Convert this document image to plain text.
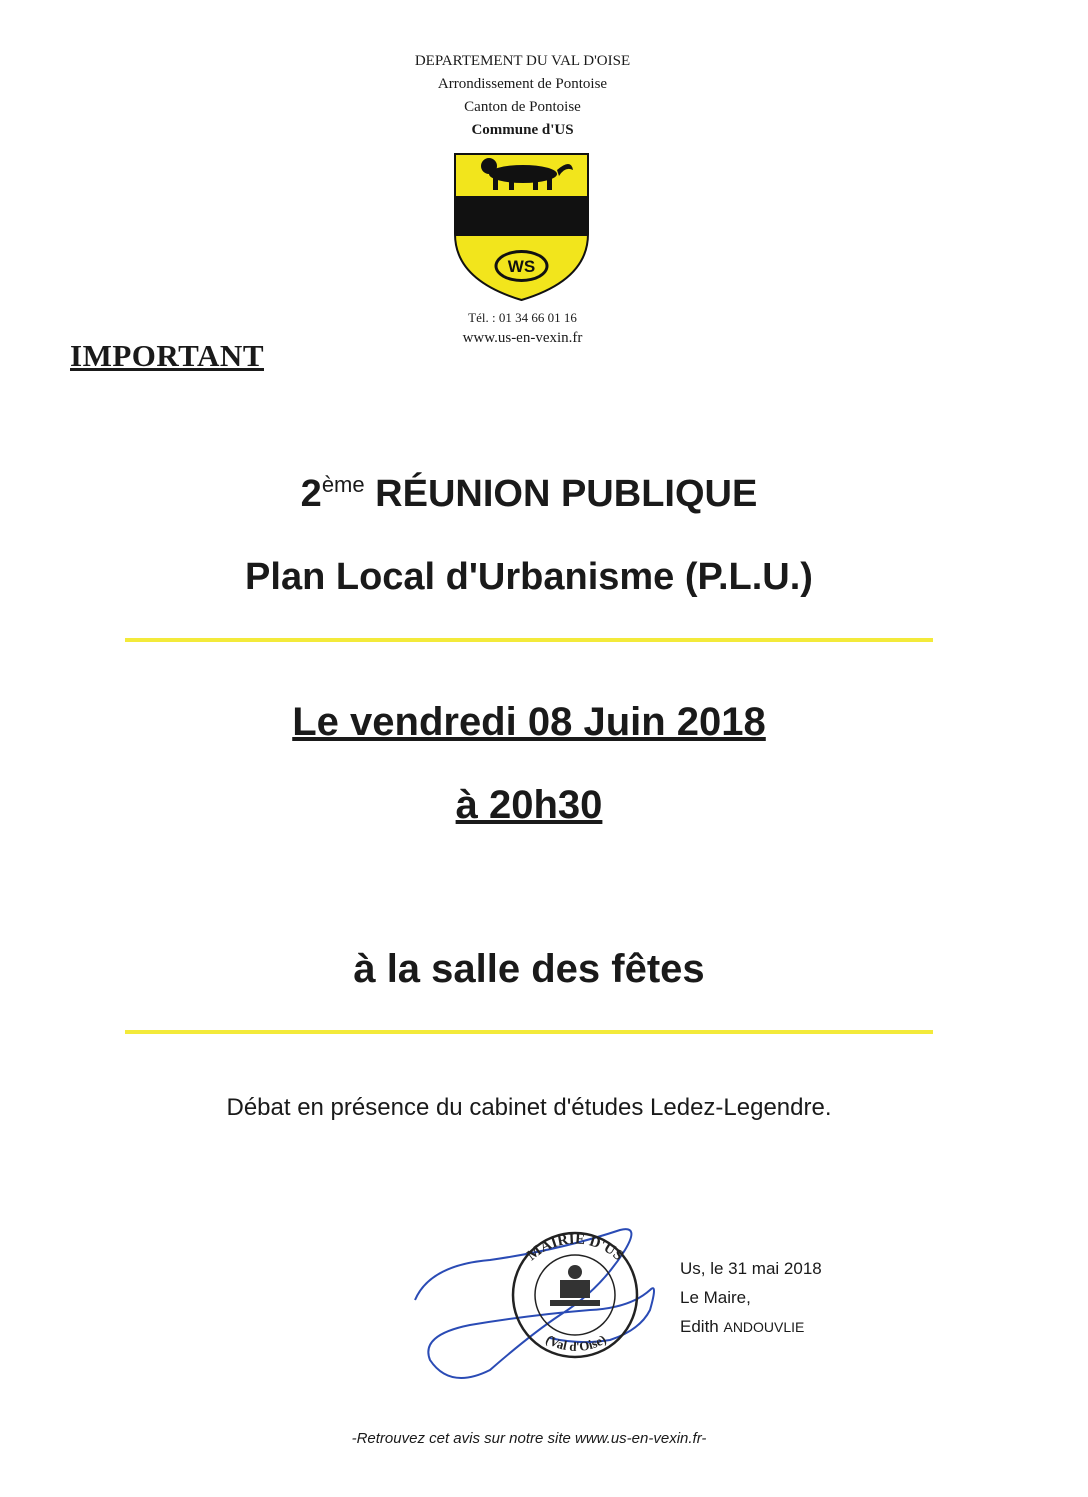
DEPARTEMENT DU VAL D'OISE
Arrondissement de Pontoise
Canton de Pontoise
Commune d'US
WS
Tél. : 01 34 66 01 16
www.us-en-vexin.fr
IMPORTANT
2ème RÉUNION PUBLIQUE
Plan Local d'Urbanisme (P.L.U.)
Le vendredi 08 Juin 2018
à 20h30
à la salle des fêtes
Débat en présence du cabinet d'études Ledez-Legendre.
MAIRIE D'US
(Val d'Oise)
Us, le 31 mai 2018
Le Maire,
Edith ANDOUVLIE
-Retrouvez cet avis sur notre site www.us-en-vexin.fr-
